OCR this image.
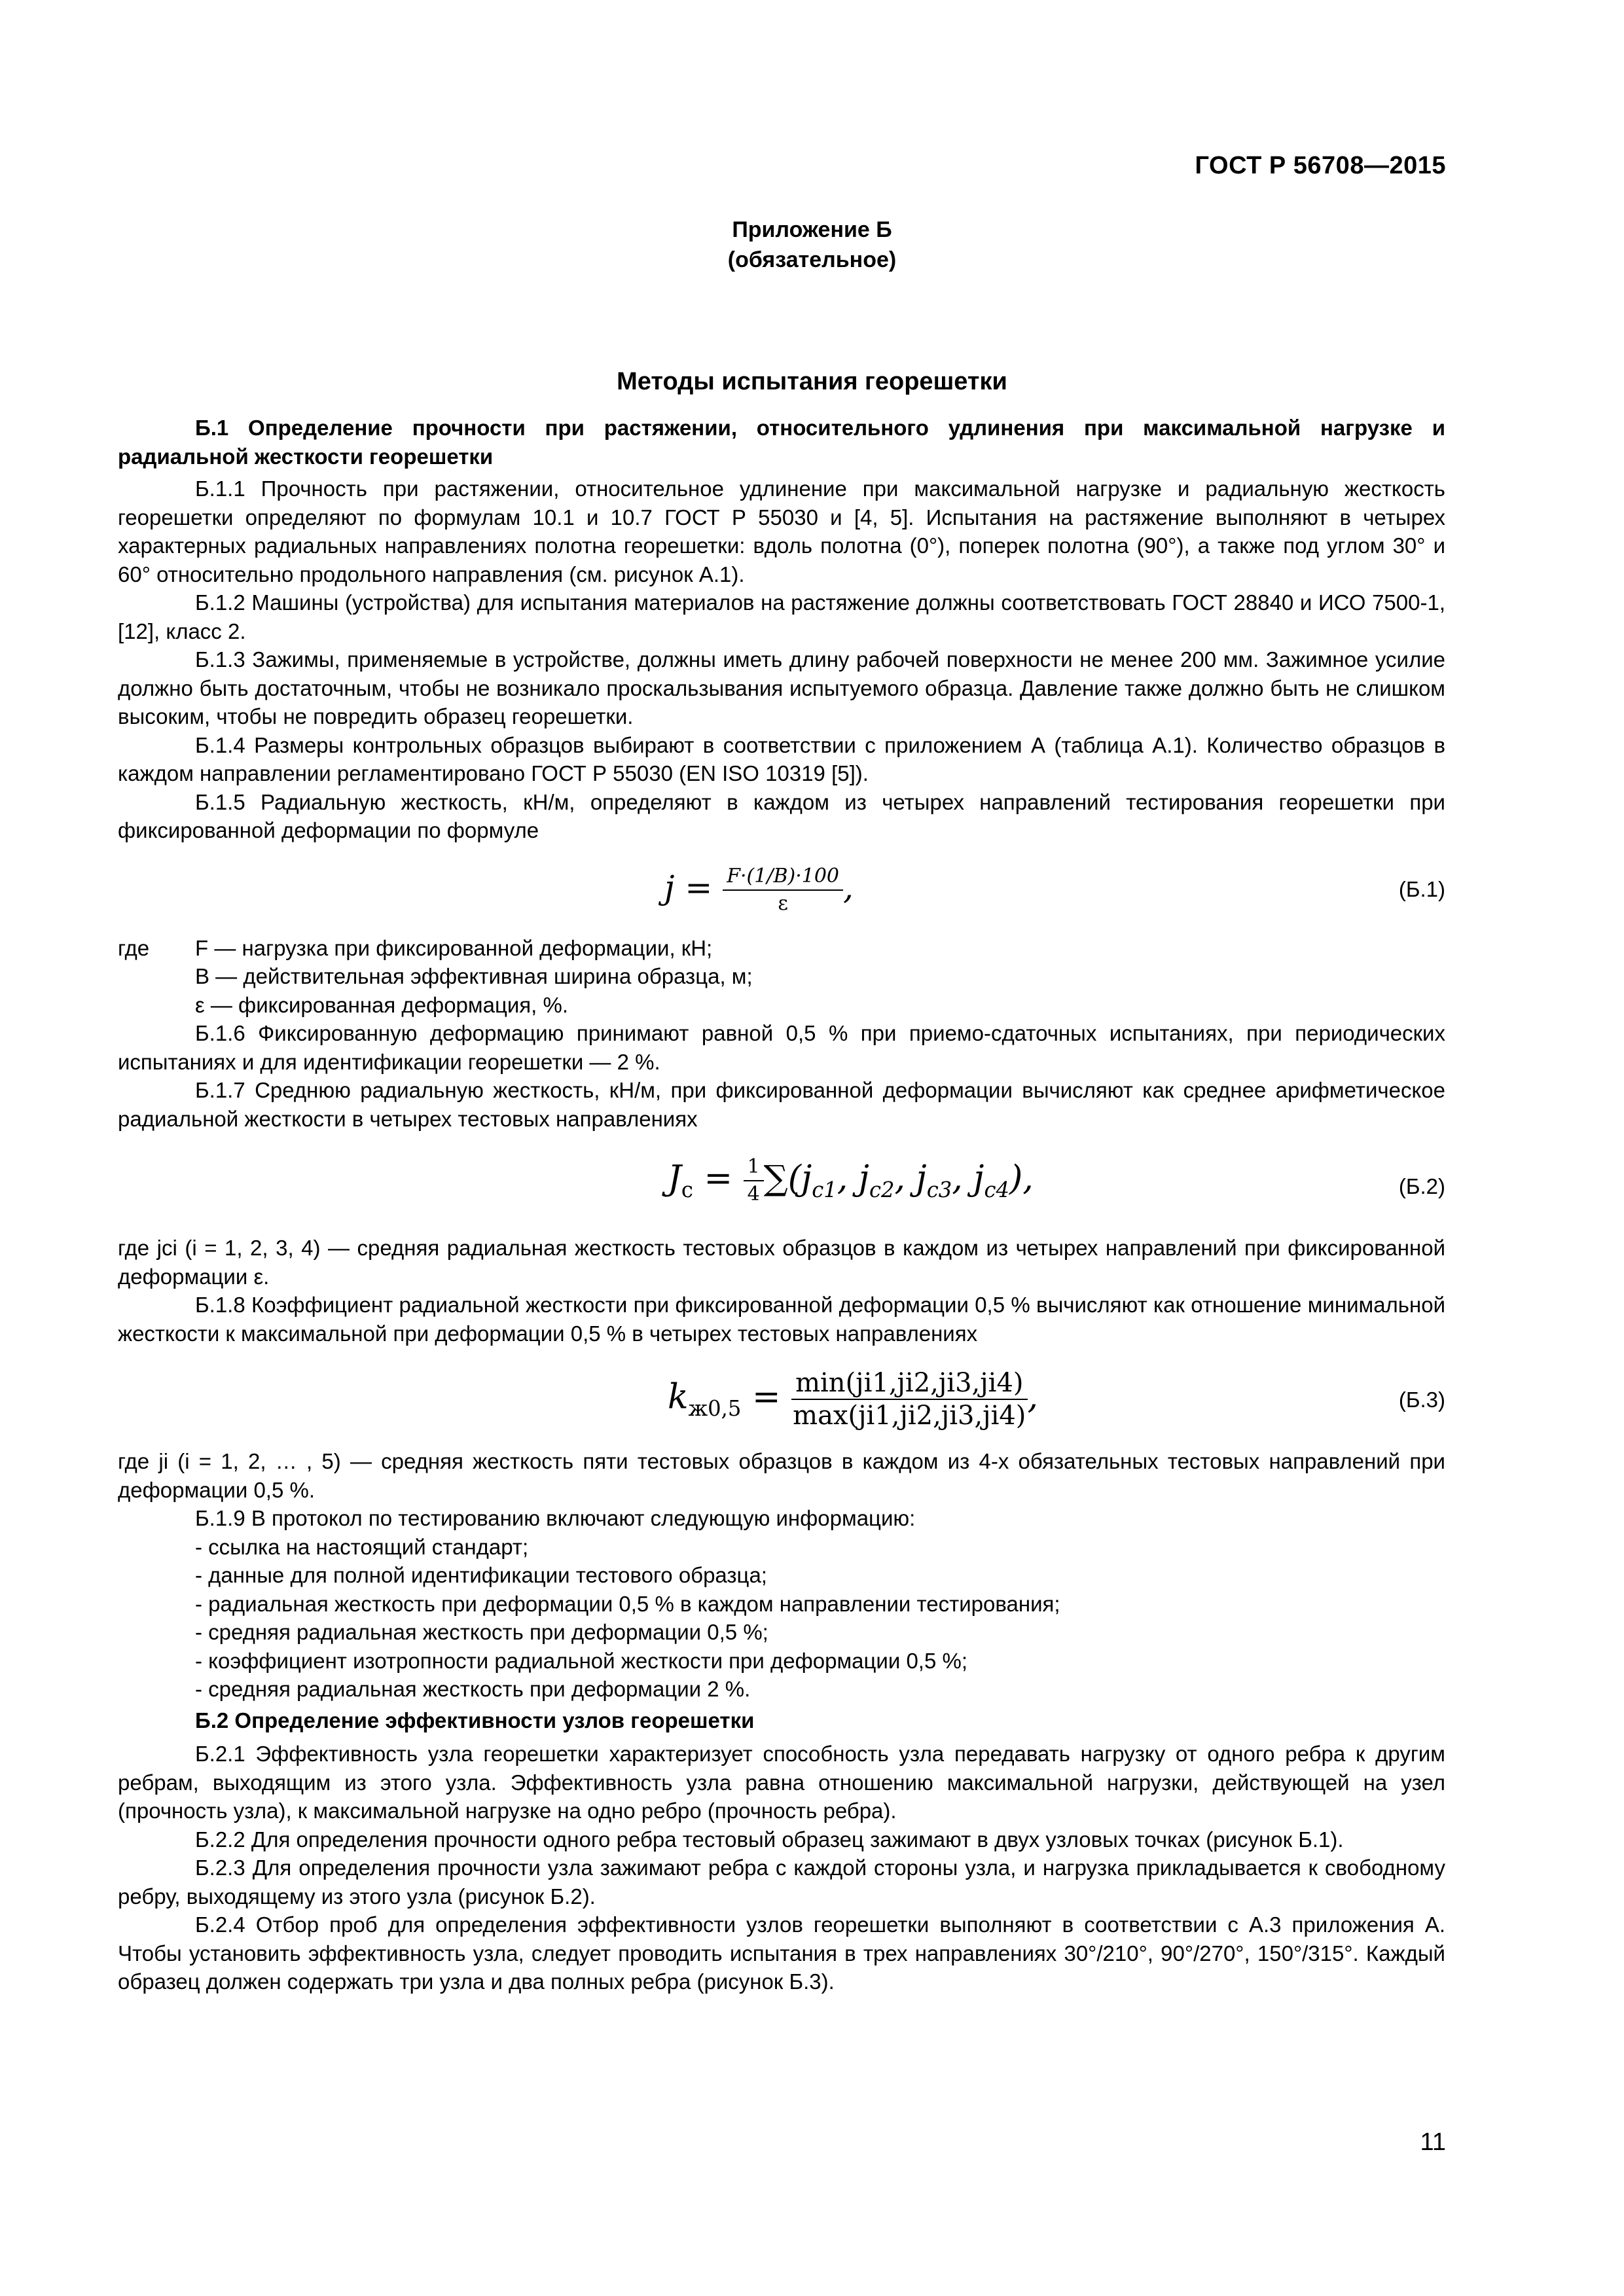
ГОСТ Р 56708—2015
Приложение Б
(обязательное)
Методы испытания георешетки

Б.1 Определение прочности при растяжении, относительного удлинения при максимальной нагрузке и радиальной жесткости георешетки

Б.1.1 Прочность при растяжении, относительное удлинение при максимальной нагрузке и радиальную жесткость георешетки определяют по формулам 10.1 и 10.7 ГОСТ Р 55030 и [4, 5]. Испытания на растяжение выполняют в четырех характерных радиальных направлениях полотна георешетки: вдоль полотна (0°), поперек полотна (90°), а также под углом 30° и 60° относительно продольного направления (см. рисунок А.1).

Б.1.2 Машины (устройства) для испытания материалов на растяжение должны соответствовать ГОСТ 28840 и ИСО 7500-1, [12], класс 2.

Б.1.3 Зажимы, применяемые в устройстве, должны иметь длину рабочей поверхности не менее 200 мм. Зажимное усилие должно быть достаточным, чтобы не возникало проскальзывания испытуемого образца. Давление также должно быть не слишком высоким, чтобы не повредить образец георешетки.

Б.1.4 Размеры контрольных образцов выбирают в соответствии с приложением А (таблица А.1). Количество образцов в каждом направлении регламентировано ГОСТ Р 55030 (EN ISO 10319 [5]).

Б.1.5 Радиальную жесткость, кН/м, определяют в каждом из четырех направлений тестирования георешетки при фиксированной деформации по формуле

$j = \frac{F\cdot(1/B)\cdot 100}{\varepsilon}$ ,	(Б.1)
где	F — нагрузка при фиксированной деформации, кН;

B — действительная эффективная ширина образца, м;

ε — фиксированная деформация, %.

Б.1.6 Фиксированную деформацию принимают равной 0,5 % при приемо-сдаточных испытаниях, при периодических испытаниях и для идентификации георешетки — 2 %.

Б.1.7 Среднюю радиальную жесткость, кН/м, при фиксированной деформации вычисляют как среднее арифметическое радиальной жесткости в четырех тестовых направлениях

$J_c = \frac{1}{4} \sum(j_{c1}$, $j_{c2}$, $j_{c3}$, $j_{c4}$),	(Б.2)

где jci (i = 1, 2, 3, 4) — средняя радиальная жесткость тестовых образцов в каждом из четырех направлений при фиксированной деформации ε.

Б.1.8 Коэффициент радиальной жесткости при фиксированной деформации 0,5 % вычисляют как отношение минимальной жесткости к максимальной при деформации 0,5 % в четырех тестовых направлениях

$k_{ж0,5} = \frac{\min(ji1,ji2,ji3,ji4)}{\max(ji1,ji2,ji3,ji4)}$ ,	(Б.3)

где ji (i = 1, 2, … , 5) — средняя жесткость пяти тестовых образцов в каждом из 4-х обязательных тестовых направлений при деформации 0,5 %.

Б.1.9 В протокол по тестированию включают следующую информацию:

- ссылка на настоящий стандарт;

- данные для полной идентификации тестового образца;

- радиальная жесткость при деформации 0,5 % в каждом направлении тестирования;

- средняя радиальная жесткость при деформации 0,5 %;

- коэффициент изотропности радиальной жесткости при деформации 0,5 %;

- средняя радиальная жесткость при деформации 2 %.

Б.2 Определение эффективности узлов георешетки

Б.2.1 Эффективность узла георешетки характеризует способность узла передавать нагрузку от одного ребра к другим ребрам, выходящим из этого узла. Эффективность узла равна отношению максимальной нагрузки, действующей на узел (прочность узла), к максимальной нагрузке на одно ребро (прочность ребра).

Б.2.2 Для определения прочности одного ребра тестовый образец зажимают в двух узловых точках (рисунок Б.1).

Б.2.3 Для определения прочности узла зажимают ребра с каждой стороны узла, и нагрузка прикладывается к свободному ребру, выходящему из этого узла (рисунок Б.2).

Б.2.4 Отбор проб для определения эффективности узлов георешетки выполняют в соответствии с А.3 приложения А. Чтобы установить эффективность узла, следует проводить испытания в трех направлениях 30°/210°, 90°/270°, 150°/315°. Каждый образец должен содержать три узла и два полных ребра (рисунок Б.3).

11
